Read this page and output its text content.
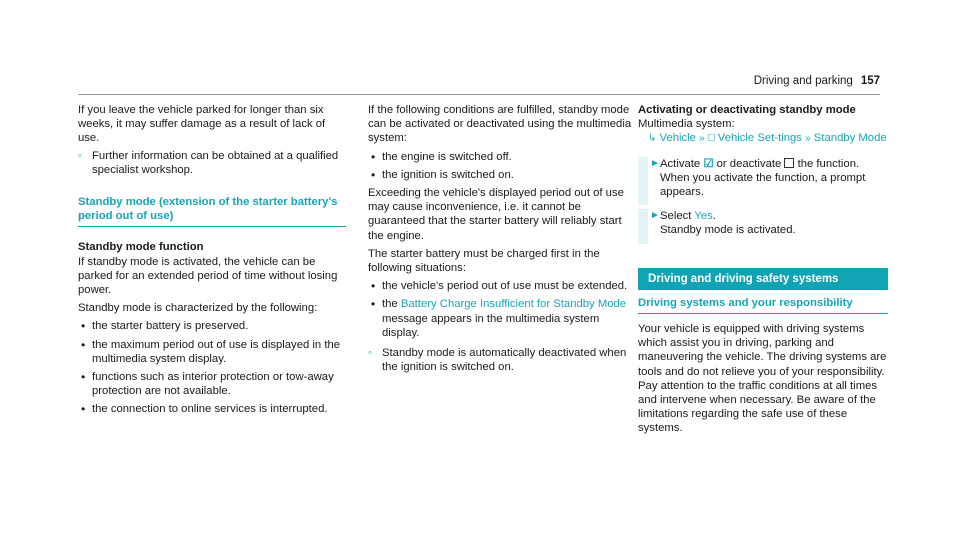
Driving and parking 157

If you leave the vehicle parked for longer than six weeks, it may suffer damage as a result of lack of use.

◦ Further information can be obtained at a qualified specialist workshop.
Standby mode (extension of the starter battery's period out of use)

Standby mode function

If standby mode is activated, the vehicle can be parked for an extended period of time without losing power.

Standby mode is characterized by the following:

• the starter battery is preserved.
• the maximum period out of use is displayed in the multimedia system display.
• functions such as interior protection or tow-away protection are not available.
• the connection to online services is interrupted.

If the following conditions are fulfilled, standby mode can be activated or deactivated using the multimedia system:

• the engine is switched off.
• the ignition is switched on.

Exceeding the vehicle's displayed period out of use may cause inconvenience, i.e. it cannot be guaranteed that the starter battery will reliably start the engine.

The starter battery must be charged first in the following situations:

• the vehicle's period out of use must be extended.
• the Battery Charge Insufficient for Standby Mode message appears in the multimedia system display.
◦ Standby mode is automatically deactivated when the ignition is switched on.

Activating or deactivating standby mode

Multimedia system:

↳ Vehicle » □ Vehicle Set-tings » Standby Mode

► Activate ☑ or deactivate the function.
When you activate the function, a prompt appears.
► Select Yes.
Standby mode is activated.
Driving and driving safety systems
Driving systems and your responsibility

Your vehicle is equipped with driving systems which assist you in driving, parking and maneuvering the vehicle. The driving systems are tools and do not relieve you of your responsibility. Pay attention to the traffic conditions at all times and intervene when necessary. Be aware of the limitations regarding the safe use of these systems.
